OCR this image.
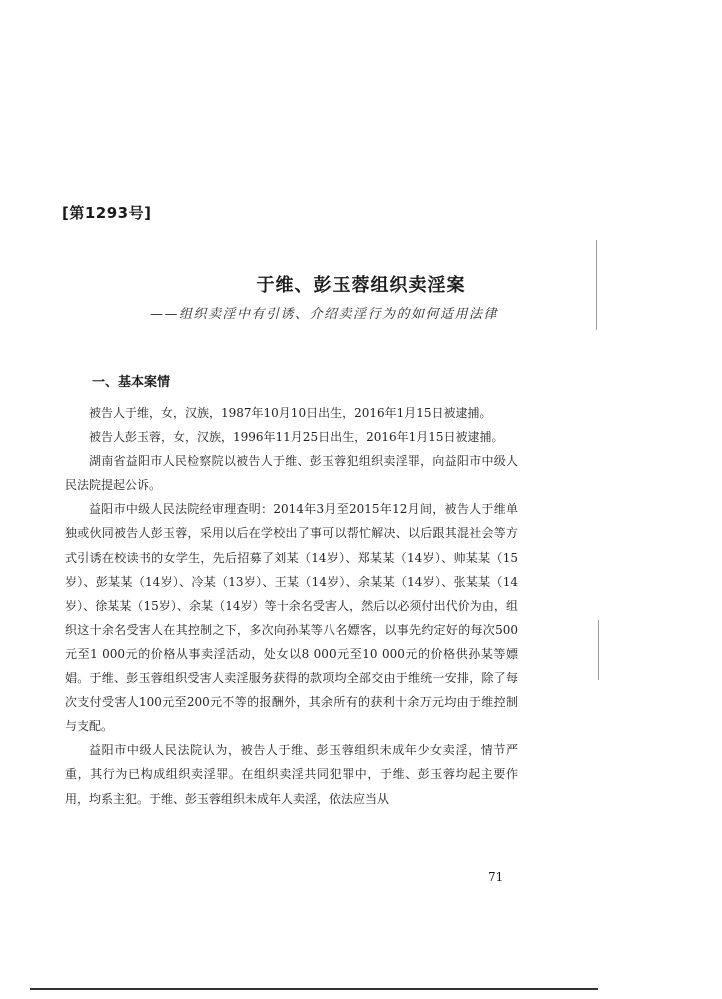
[第1293号]
于维、彭玉蓉组织卖淫案
——组织卖淫中有引诱、介绍卖淫行为的如何适用法律
一、基本案情

被告人于维，女，汉族，1987年10月10日出生，2016年1月15日被逮捕。

被告人彭玉蓉，女，汉族，1996年11月25日出生，2016年1月15日被逮捕。

湖南省益阳市人民检察院以被告人于维、彭玉蓉犯组织卖淫罪，向益阳市中级人民法院提起公诉。

益阳市中级人民法院经审理查明：2014年3月至2015年12月间，被告人于维单独或伙同被告人彭玉蓉，采用以后在学校出了事可以帮忙解决、以后跟其混社会等方式引诱在校读书的女学生，先后招募了刘某（14岁）、郑某某（14岁）、帅某某（15岁）、彭某某（14岁）、冷某（13岁）、王某（14岁）、余某某（14岁）、张某某（14岁）、徐某某（15岁）、余某（14岁）等十余名受害人，然后以必须付出代价为由，组织这十余名受害人在其控制之下，多次向孙某等八名嫖客，以事先约定好的每次500元至1 000元的价格从事卖淫活动，处女以8 000元至10 000元的价格供孙某等嫖娼。于维、彭玉蓉组织受害人卖淫服务获得的款项均全部交由于维统一安排，除了每次支付受害人100元至200元不等的报酬外，其余所有的获利十余万元均由于维控制与支配。

益阳市中级人民法院认为，被告人于维、彭玉蓉组织未成年少女卖淫，情节严重，其行为已构成组织卖淫罪。在组织卖淫共同犯罪中，于维、彭玉蓉均起主要作用，均系主犯。于维、彭玉蓉组织未成年人卖淫，依法应当从

71
